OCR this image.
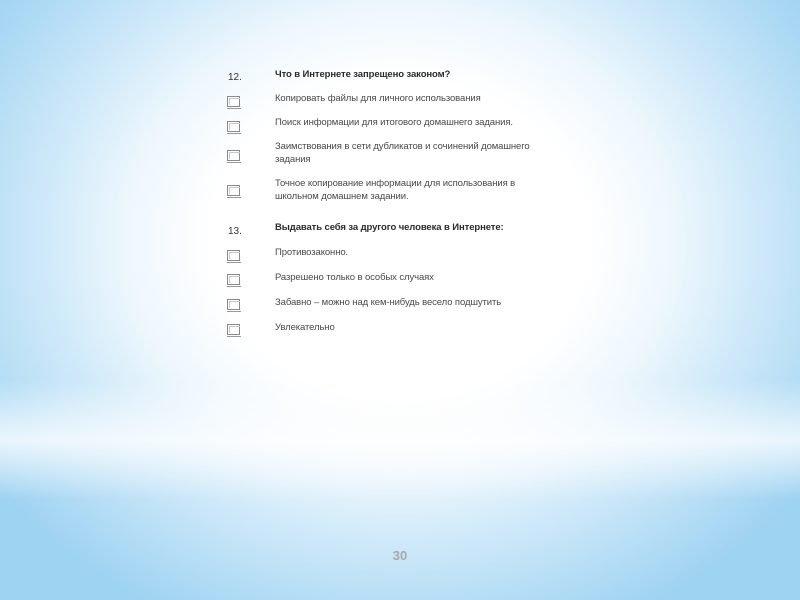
12.	Что в Интернете запрещено законом?
Копировать файлы для личного использования
Поиск информации для итогового домашнего задания.
Заимствования в сети дубликатов и сочинений домашнего задания
Точное копирование информации для использования в школьном домашнем задании.
13.	Выдавать себя за другого человека в Интернете:
Противозаконно.
Разрешено только в особых случаях
Забавно – можно над кем-нибудь весело подшутить
Увлекательно
30
